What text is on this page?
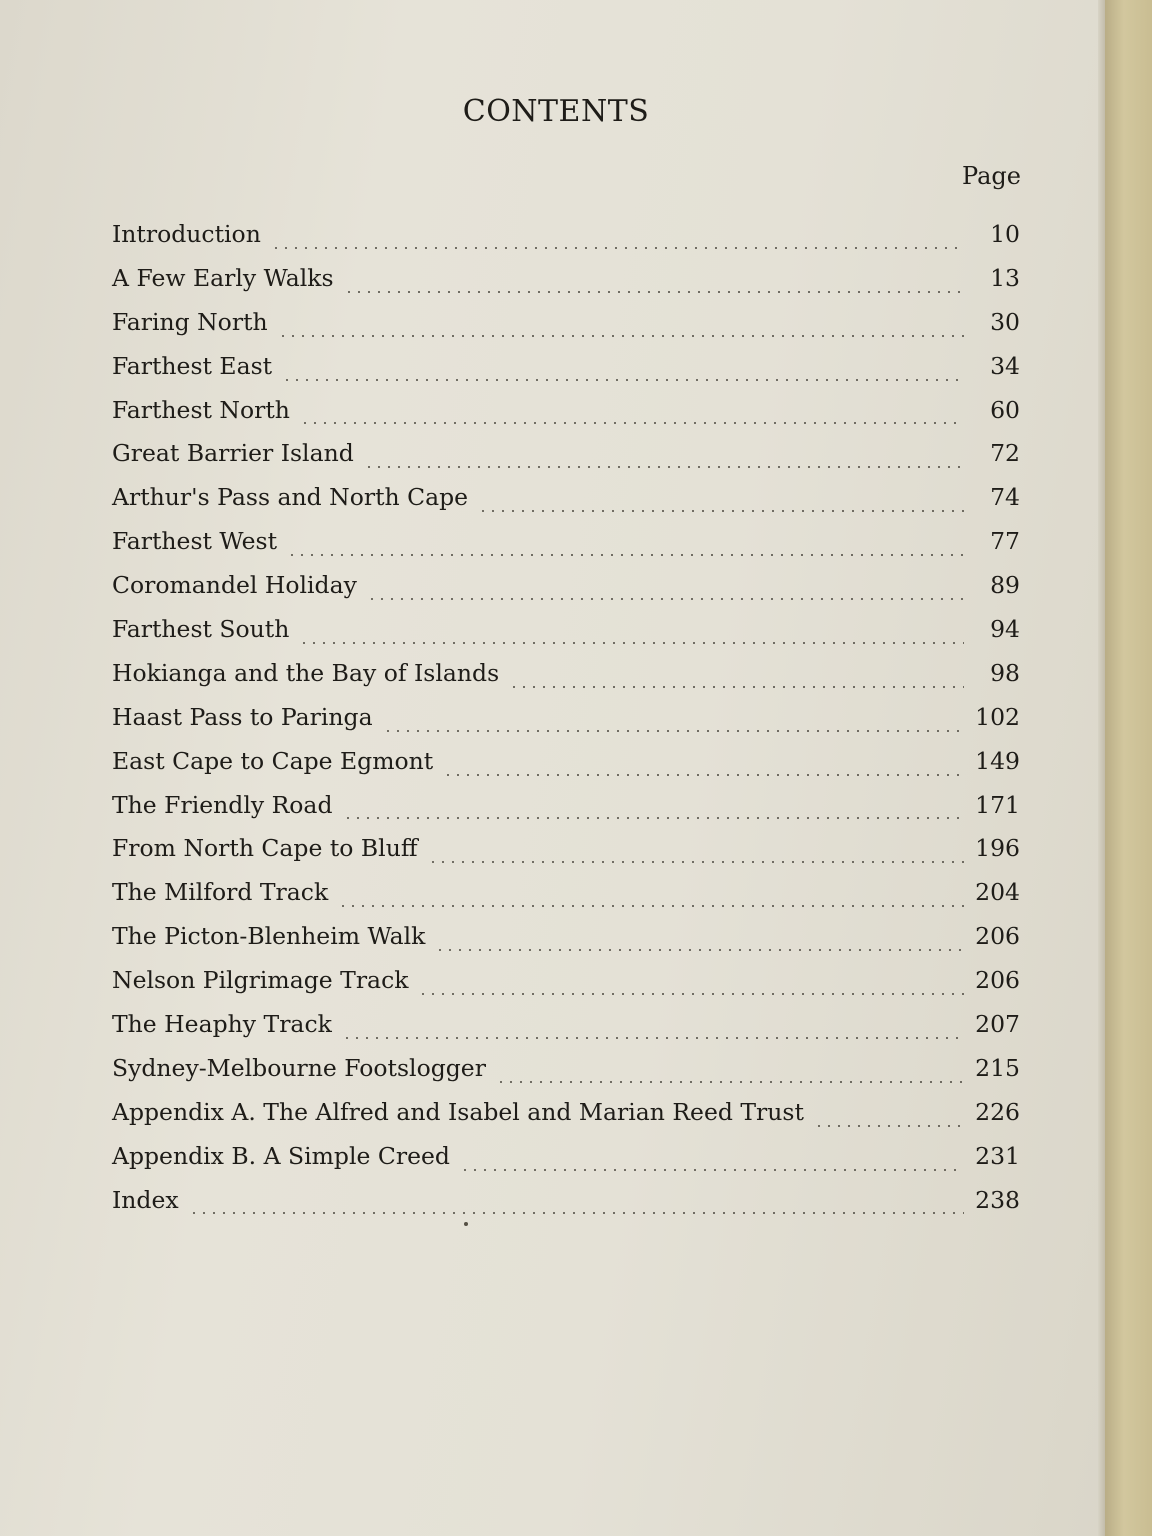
CONTENTS
Page
Introduction	10
A Few Early Walks	13
Faring North	30
Farthest East	34
Farthest North	60
Great Barrier Island	72
Arthur's Pass and North Cape	74
Farthest West	77
Coromandel Holiday	89
Farthest South	94
Hokianga and the Bay of Islands	98
Haast Pass to Paringa	102
East Cape to Cape Egmont	149
The Friendly Road	171
From North Cape to Bluff	196
The Milford Track	204
The Picton-Blenheim Walk	206
Nelson Pilgrimage Track	206
The Heaphy Track	207
Sydney-Melbourne Footslogger	215
Appendix A. The Alfred and Isabel and Marian Reed Trust	226
Appendix B. A Simple Creed	231
Index	238
